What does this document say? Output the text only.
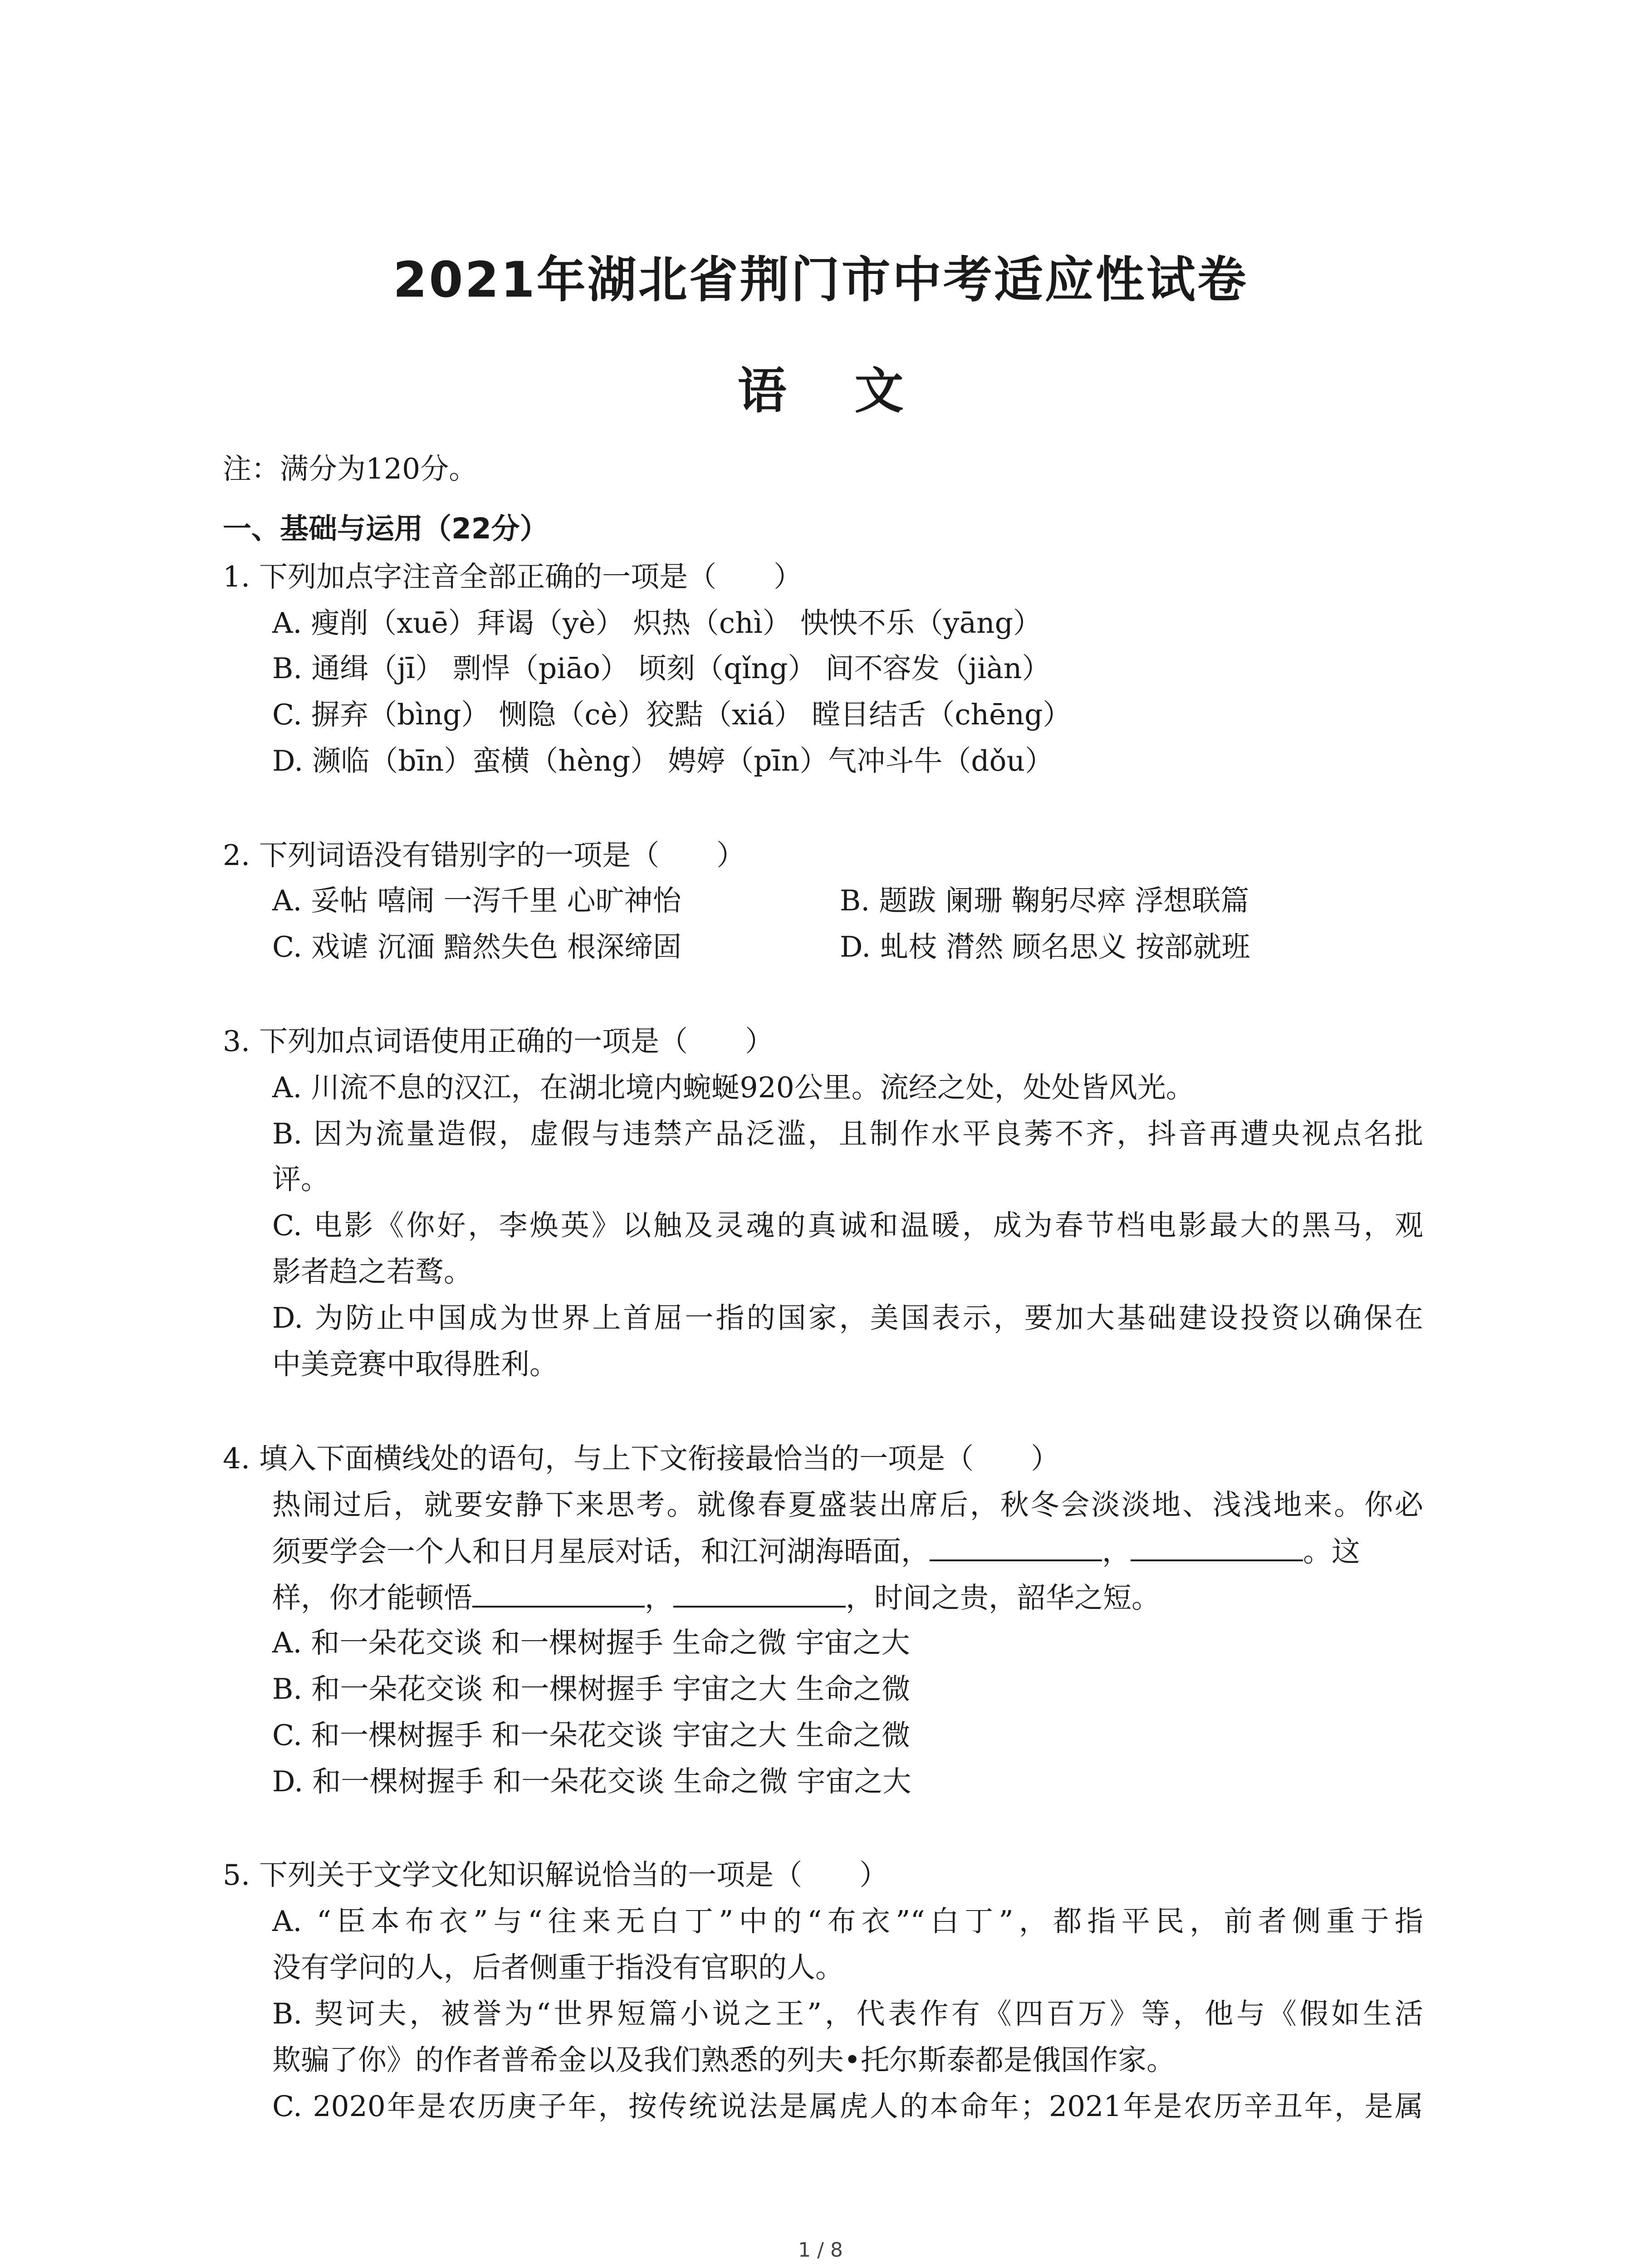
2021年湖北省荆门市中考适应性试卷
语文
注：满分为120分。
一、基础与运用（22分）
1. 下列加点字注音全部正确的一项是（　　）
A. 瘦削（xuē）拜谒（yè） 炽热（chì） 怏怏不乐（yāng）
B. 通缉（jī） 剽悍（piāo） 顷刻（qǐng） 间不容发（jiàn）
C. 摒弃（bìng） 恻隐（cè）狡黠（xiá） 瞠目结舌（chēng）
D. 濒临（bīn）蛮横（hèng） 娉婷（pīn）气冲斗牛（dǒu）
2. 下列词语没有错别字的一项是（　　）
A. 妥帖 嘻闹 一泻千里 心旷神怡	B. 题跋 阑珊 鞠躬尽瘁 浮想联篇
C. 戏谑 沉湎 黯然失色 根深缔固	D. 虬枝 潸然 顾名思义 按部就班
3. 下列加点词语使用正确的一项是（　　）
A. 川流不息的汉江，在湖北境内蜿蜒920公里。流经之处，处处皆风光。
B. 因为流量造假，虚假与违禁产品泛滥，且制作水平良莠不齐，抖音再遭央视点名批
评。
C. 电影《你好，李焕英》以触及灵魂的真诚和温暖，成为春节档电影最大的黑马，观
影者趋之若鹜。
D. 为防止中国成为世界上首屈一指的国家，美国表示，要加大基础建设投资以确保在
中美竞赛中取得胜利。
4. 填入下面横线处的语句，与上下文衔接最恰当的一项是（　　）
热闹过后，就要安静下来思考。就像春夏盛装出席后，秋冬会淡淡地、浅浅地来。你必
须要学会一个人和日月星辰对话，和江河湖海晤面，	，	。这
样，你才能顿悟	，	，时间之贵，韶华之短。
A. 和一朵花交谈 和一棵树握手 生命之微 宇宙之大
B. 和一朵花交谈 和一棵树握手 宇宙之大 生命之微
C. 和一棵树握手 和一朵花交谈 宇宙之大 生命之微
D. 和一棵树握手 和一朵花交谈 生命之微 宇宙之大
5. 下列关于文学文化知识解说恰当的一项是（　　）
A. “臣本布衣”与“往来无白丁”中的“布衣”“白丁”，都指平民，前者侧重于指
没有学问的人，后者侧重于指没有官职的人。
B. 契诃夫，被誉为“世界短篇小说之王”，代表作有《四百万》等，他与《假如生活
欺骗了你》的作者普希金以及我们熟悉的列夫•托尔斯泰都是俄国作家。
C. 2020年是农历庚子年，按传统说法是属虎人的本命年；2021年是农历辛丑年，是属
1 / 8
